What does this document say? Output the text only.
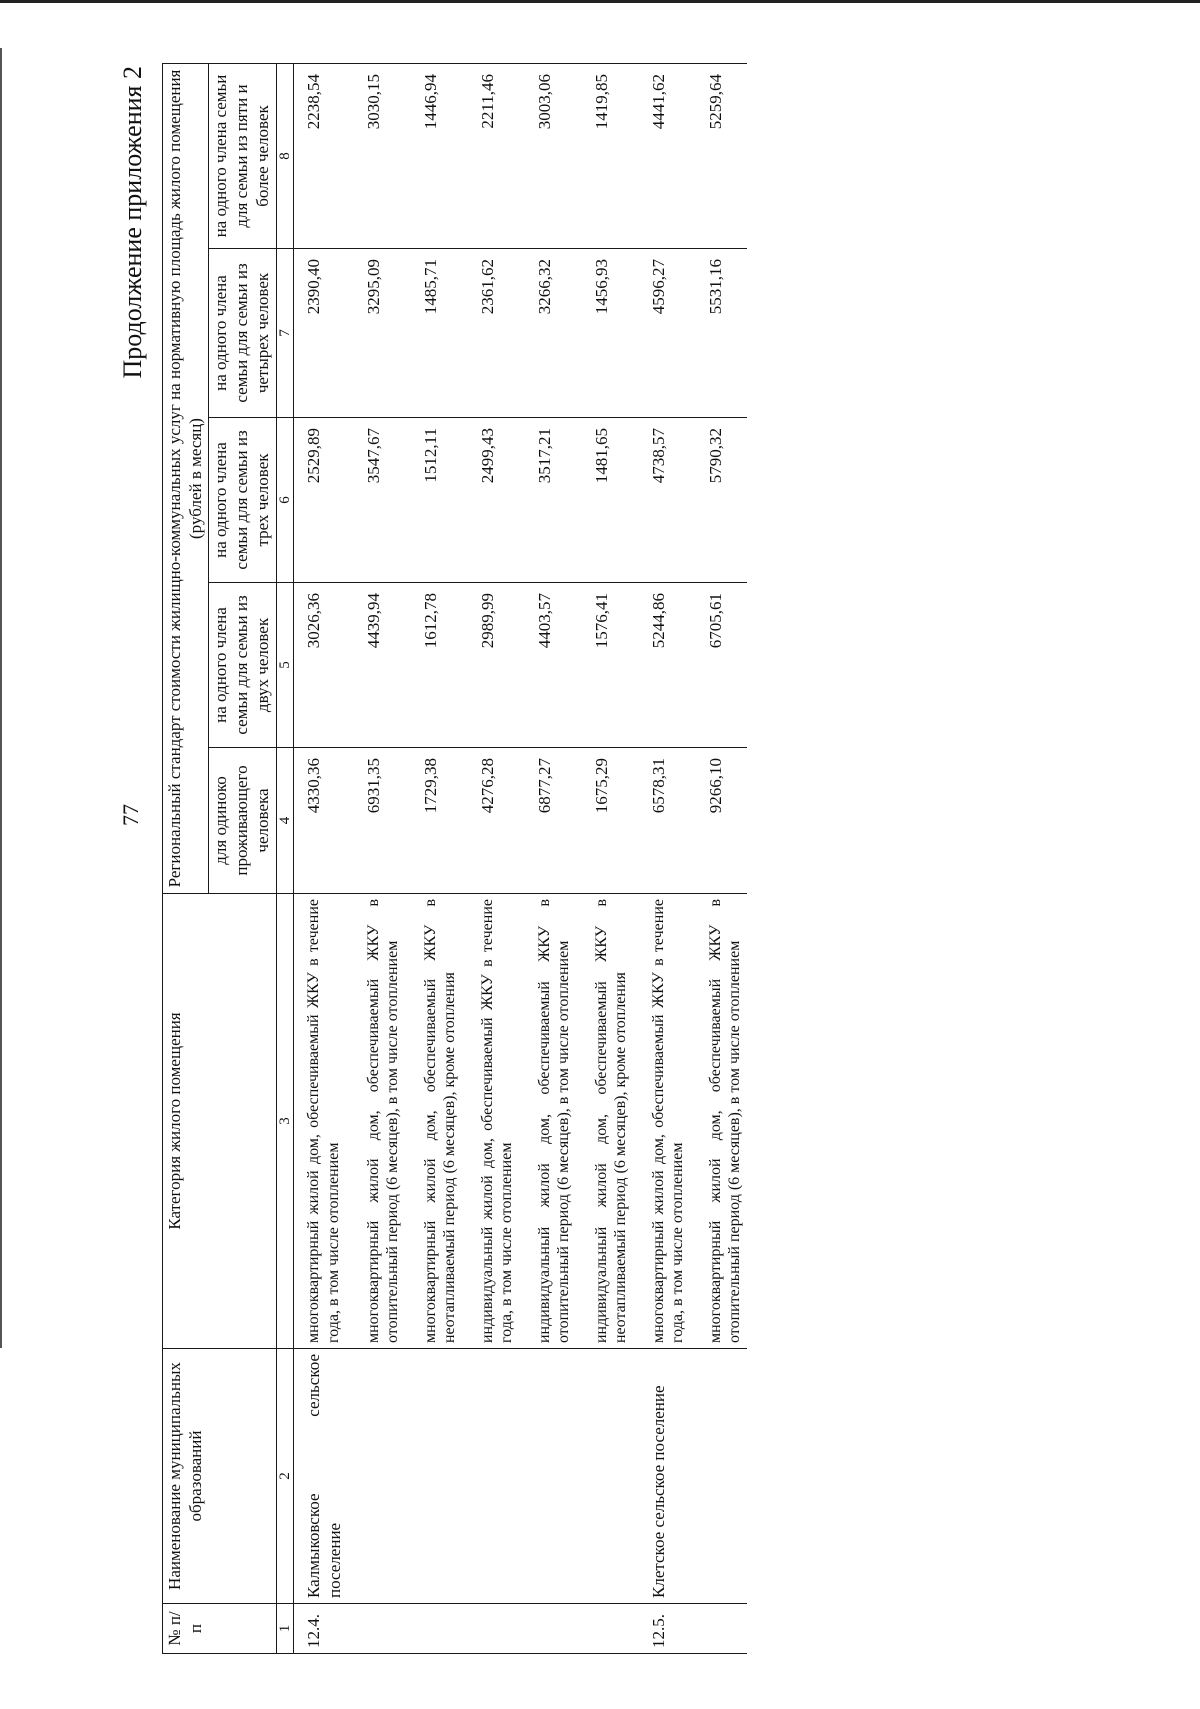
77
Продолжение приложения 2
№ п/п	Наименование муниципальных образований	Категория жилого помещения	Региональный стандарт стоимости жилищно-коммунальных услуг на нормативную площадь жилого помещения (рублей в месяц)				
			для одиноко проживающего человека	на одного члена семьи для семьи из двух человек	на одного члена семьи для семьи из трех человек	на одного члена семьи для семьи из четырех человек	на одного члена семьи для семьи из пяти и более человек
1	2	3	4	5	6	7	8
12.4.	Калмыковское сельское поселение	многоквартирный жилой дом, обеспечиваемый ЖКУ в течение года, в том числе отоплением	4330,36	3026,36	2529,89	2390,40	2238,54
		многоквартирный жилой дом, обеспечиваемый ЖКУ в отопительный период (6 месяцев), в том числе отоплением	6931,35	4439,94	3547,67	3295,09	3030,15
		многоквартирный жилой дом, обеспечиваемый ЖКУ в неотапливаемый период (6 месяцев), кроме отопления	1729,38	1612,78	1512,11	1485,71	1446,94
		индивидуальный жилой дом, обеспечиваемый ЖКУ в течение года, в том числе отоплением	4276,28	2989,99	2499,43	2361,62	2211,46
		индивидуальный жилой дом, обеспечиваемый ЖКУ в отопительный период (6 месяцев), в том числе отоплением	6877,27	4403,57	3517,21	3266,32	3003,06
		индивидуальный жилой дом, обеспечиваемый ЖКУ в неотапливаемый период (6 месяцев), кроме отопления	1675,29	1576,41	1481,65	1456,93	1419,85
12.5.	Клетское сельское поселение	многоквартирный жилой дом, обеспечиваемый ЖКУ в течение года, в том числе отоплением	6578,31	5244,86	4738,57	4596,27	4441,62
		многоквартирный жилой дом, обеспечиваемый ЖКУ в отопительный период (6 месяцев), в том числе отоплением	9266,10	6705,61	5790,32	5531,16	5259,64
